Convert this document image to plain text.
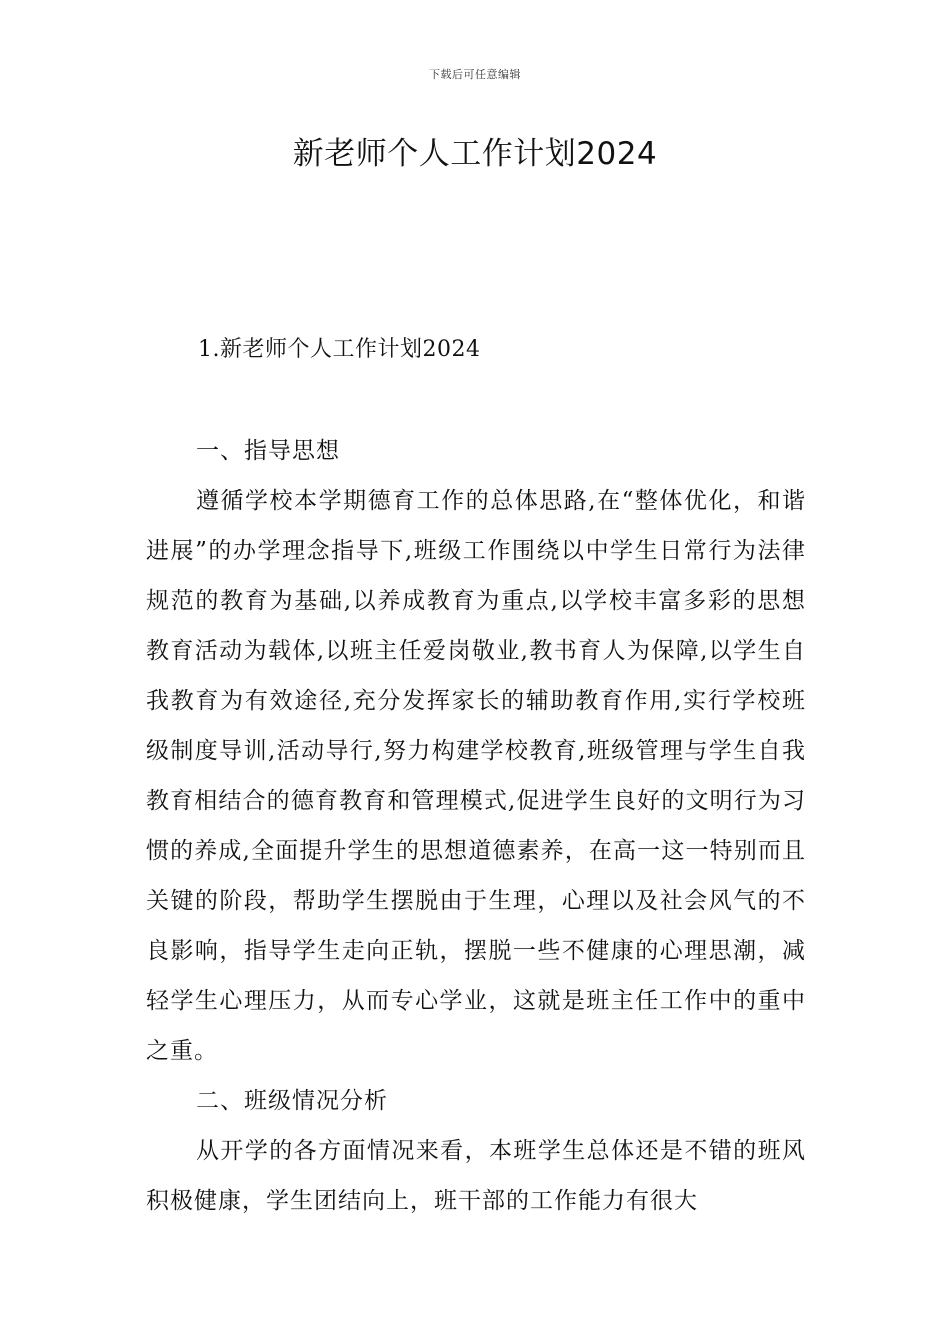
下载后可任意编辑
新老师个人工作计划2024
1.新老师个人工作计划2024

一、指导思想

遵循学校本学期德育工作的总体思路,在“整体优化，和谐进展”的办学理念指导下,班级工作围绕以中学生日常行为法律规范的教育为基础,以养成教育为重点,以学校丰富多彩的思想教育活动为载体,以班主任爱岗敬业,教书育人为保障,以学生自我教育为有效途径,充分发挥家长的辅助教育作用,实行学校班级制度导训,活动导行,努力构建学校教育,班级管理与学生自我教育相结合的德育教育和管理模式,促进学生良好的文明行为习惯的养成,全面提升学生的思想道德素养，在高一这一特别而且关键的阶段，帮助学生摆脱由于生理，心理以及社会风气的不良影响，指导学生走向正轨，摆脱一些不健康的心理思潮，减轻学生心理压力，从而专心学业，这就是班主任工作中的重中之重。

二、班级情况分析

从开学的各方面情况来看，本班学生总体还是不错的班风积极健康，学生团结向上，班干部的工作能力有很大
